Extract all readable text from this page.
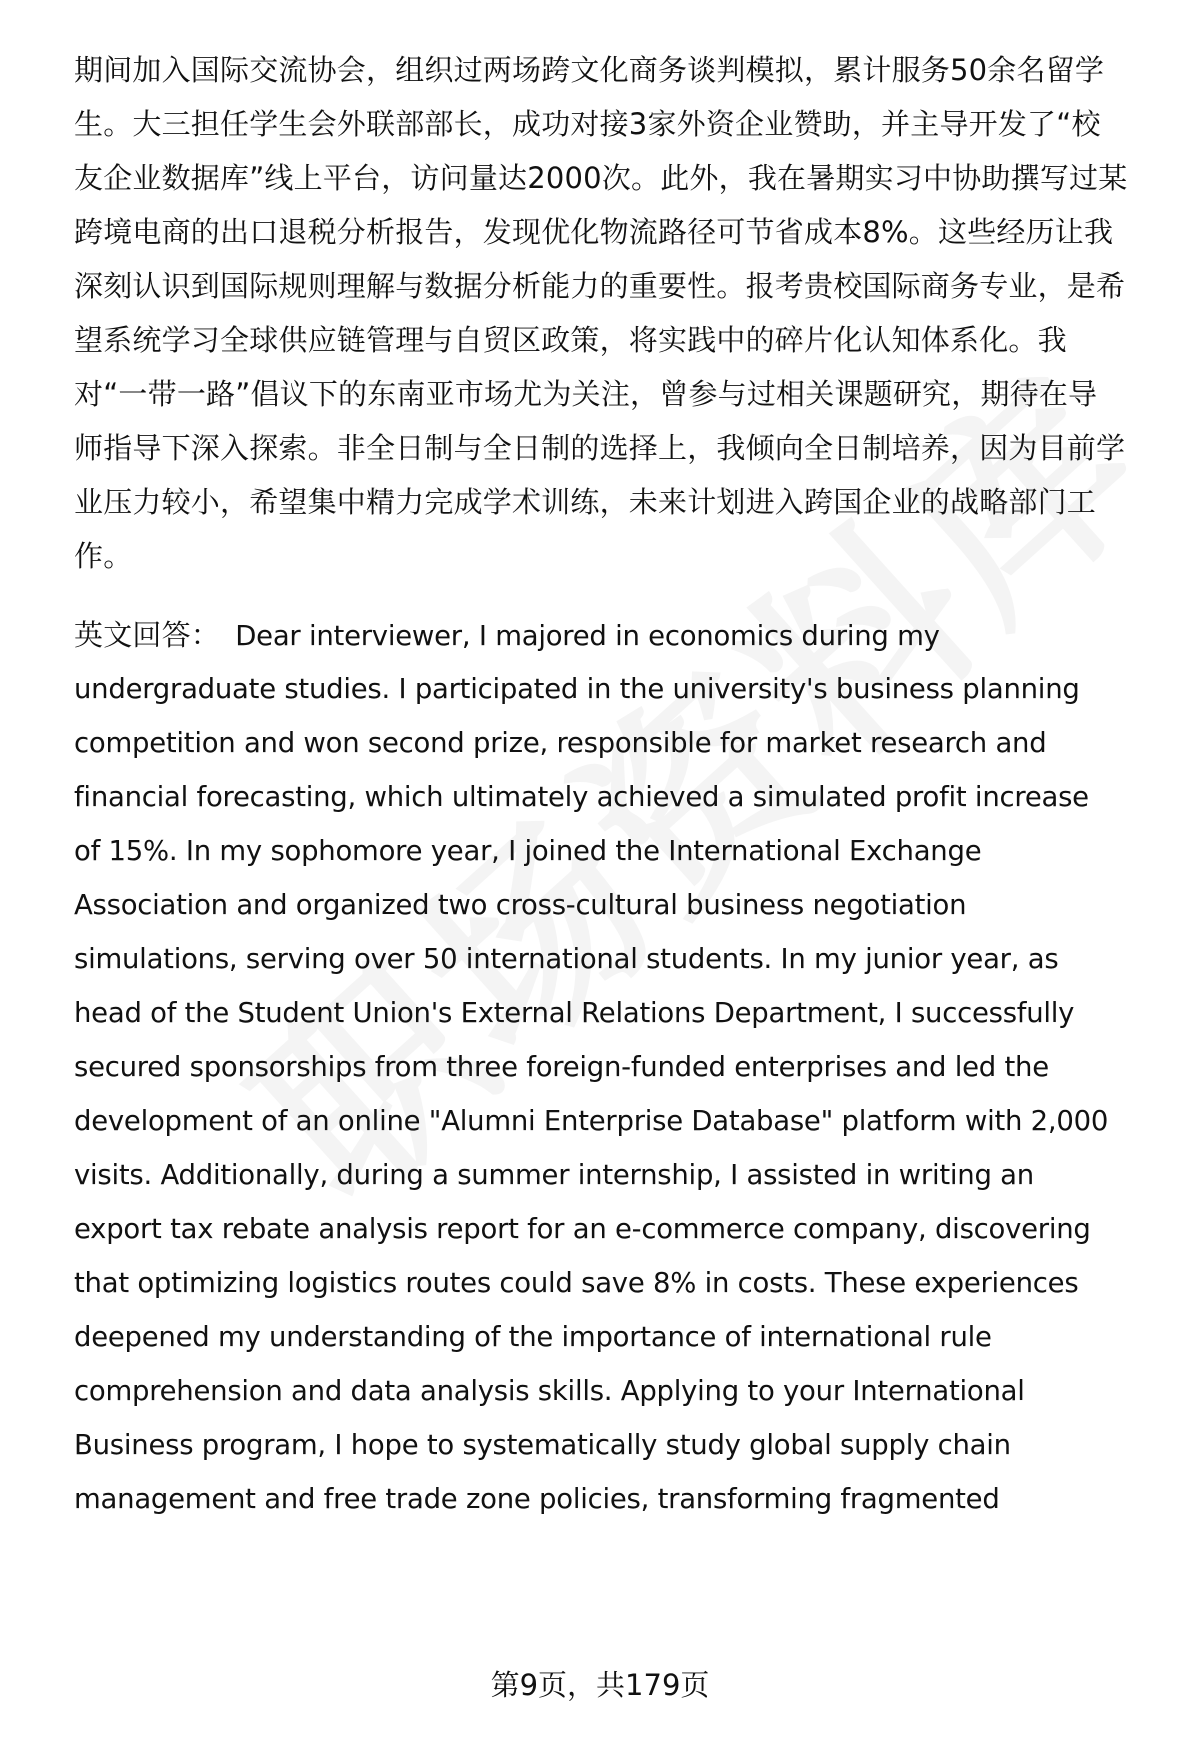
期间加入国际交流协会，组织过两场跨文化商务谈判模拟，累计服务50余名留学

生。大三担任学生会外联部部长，成功对接3家外资企业赞助，并主导开发了“校

友企业数据库”线上平台，访问量达2000次。此外，我在暑期实习中协助撰写过某

跨境电商的出口退税分析报告，发现优化物流路径可节省成本8%。这些经历让我

深刻认识到国际规则理解与数据分析能力的重要性。报考贵校国际商务专业，是希

望系统学习全球供应链管理与自贸区政策，将实践中的碎片化认知体系化。我

对“一带一路”倡议下的东南亚市场尤为关注，曾参与过相关课题研究，期待在导

师指导下深入探索。非全日制与全日制的选择上，我倾向全日制培养，因为目前学

业压力较小，希望集中精力完成学术训练，未来计划进入跨国企业的战略部门工

作。

英文回答： Dear interviewer, I majored in economics during my

undergraduate studies. I participated in the university's business planning

competition and won second prize, responsible for market research and

financial forecasting, which ultimately achieved a simulated profit increase

of 15%. In my sophomore year, I joined the International Exchange

Association and organized two cross-cultural business negotiation

simulations, serving over 50 international students. In my junior year, as

head of the Student Union's External Relations Department, I successfully

secured sponsorships from three foreign-funded enterprises and led the

development of an online "Alumni Enterprise Database" platform with 2,000

visits. Additionally, during a summer internship, I assisted in writing an

export tax rebate analysis report for an e-commerce company, discovering

that optimizing logistics routes could save 8% in costs. These experiences

deepened my understanding of the importance of international rule

comprehension and data analysis skills. Applying to your International

Business program, I hope to systematically study global supply chain

management and free trade zone policies, transforming fragmented

第9页，共179页
